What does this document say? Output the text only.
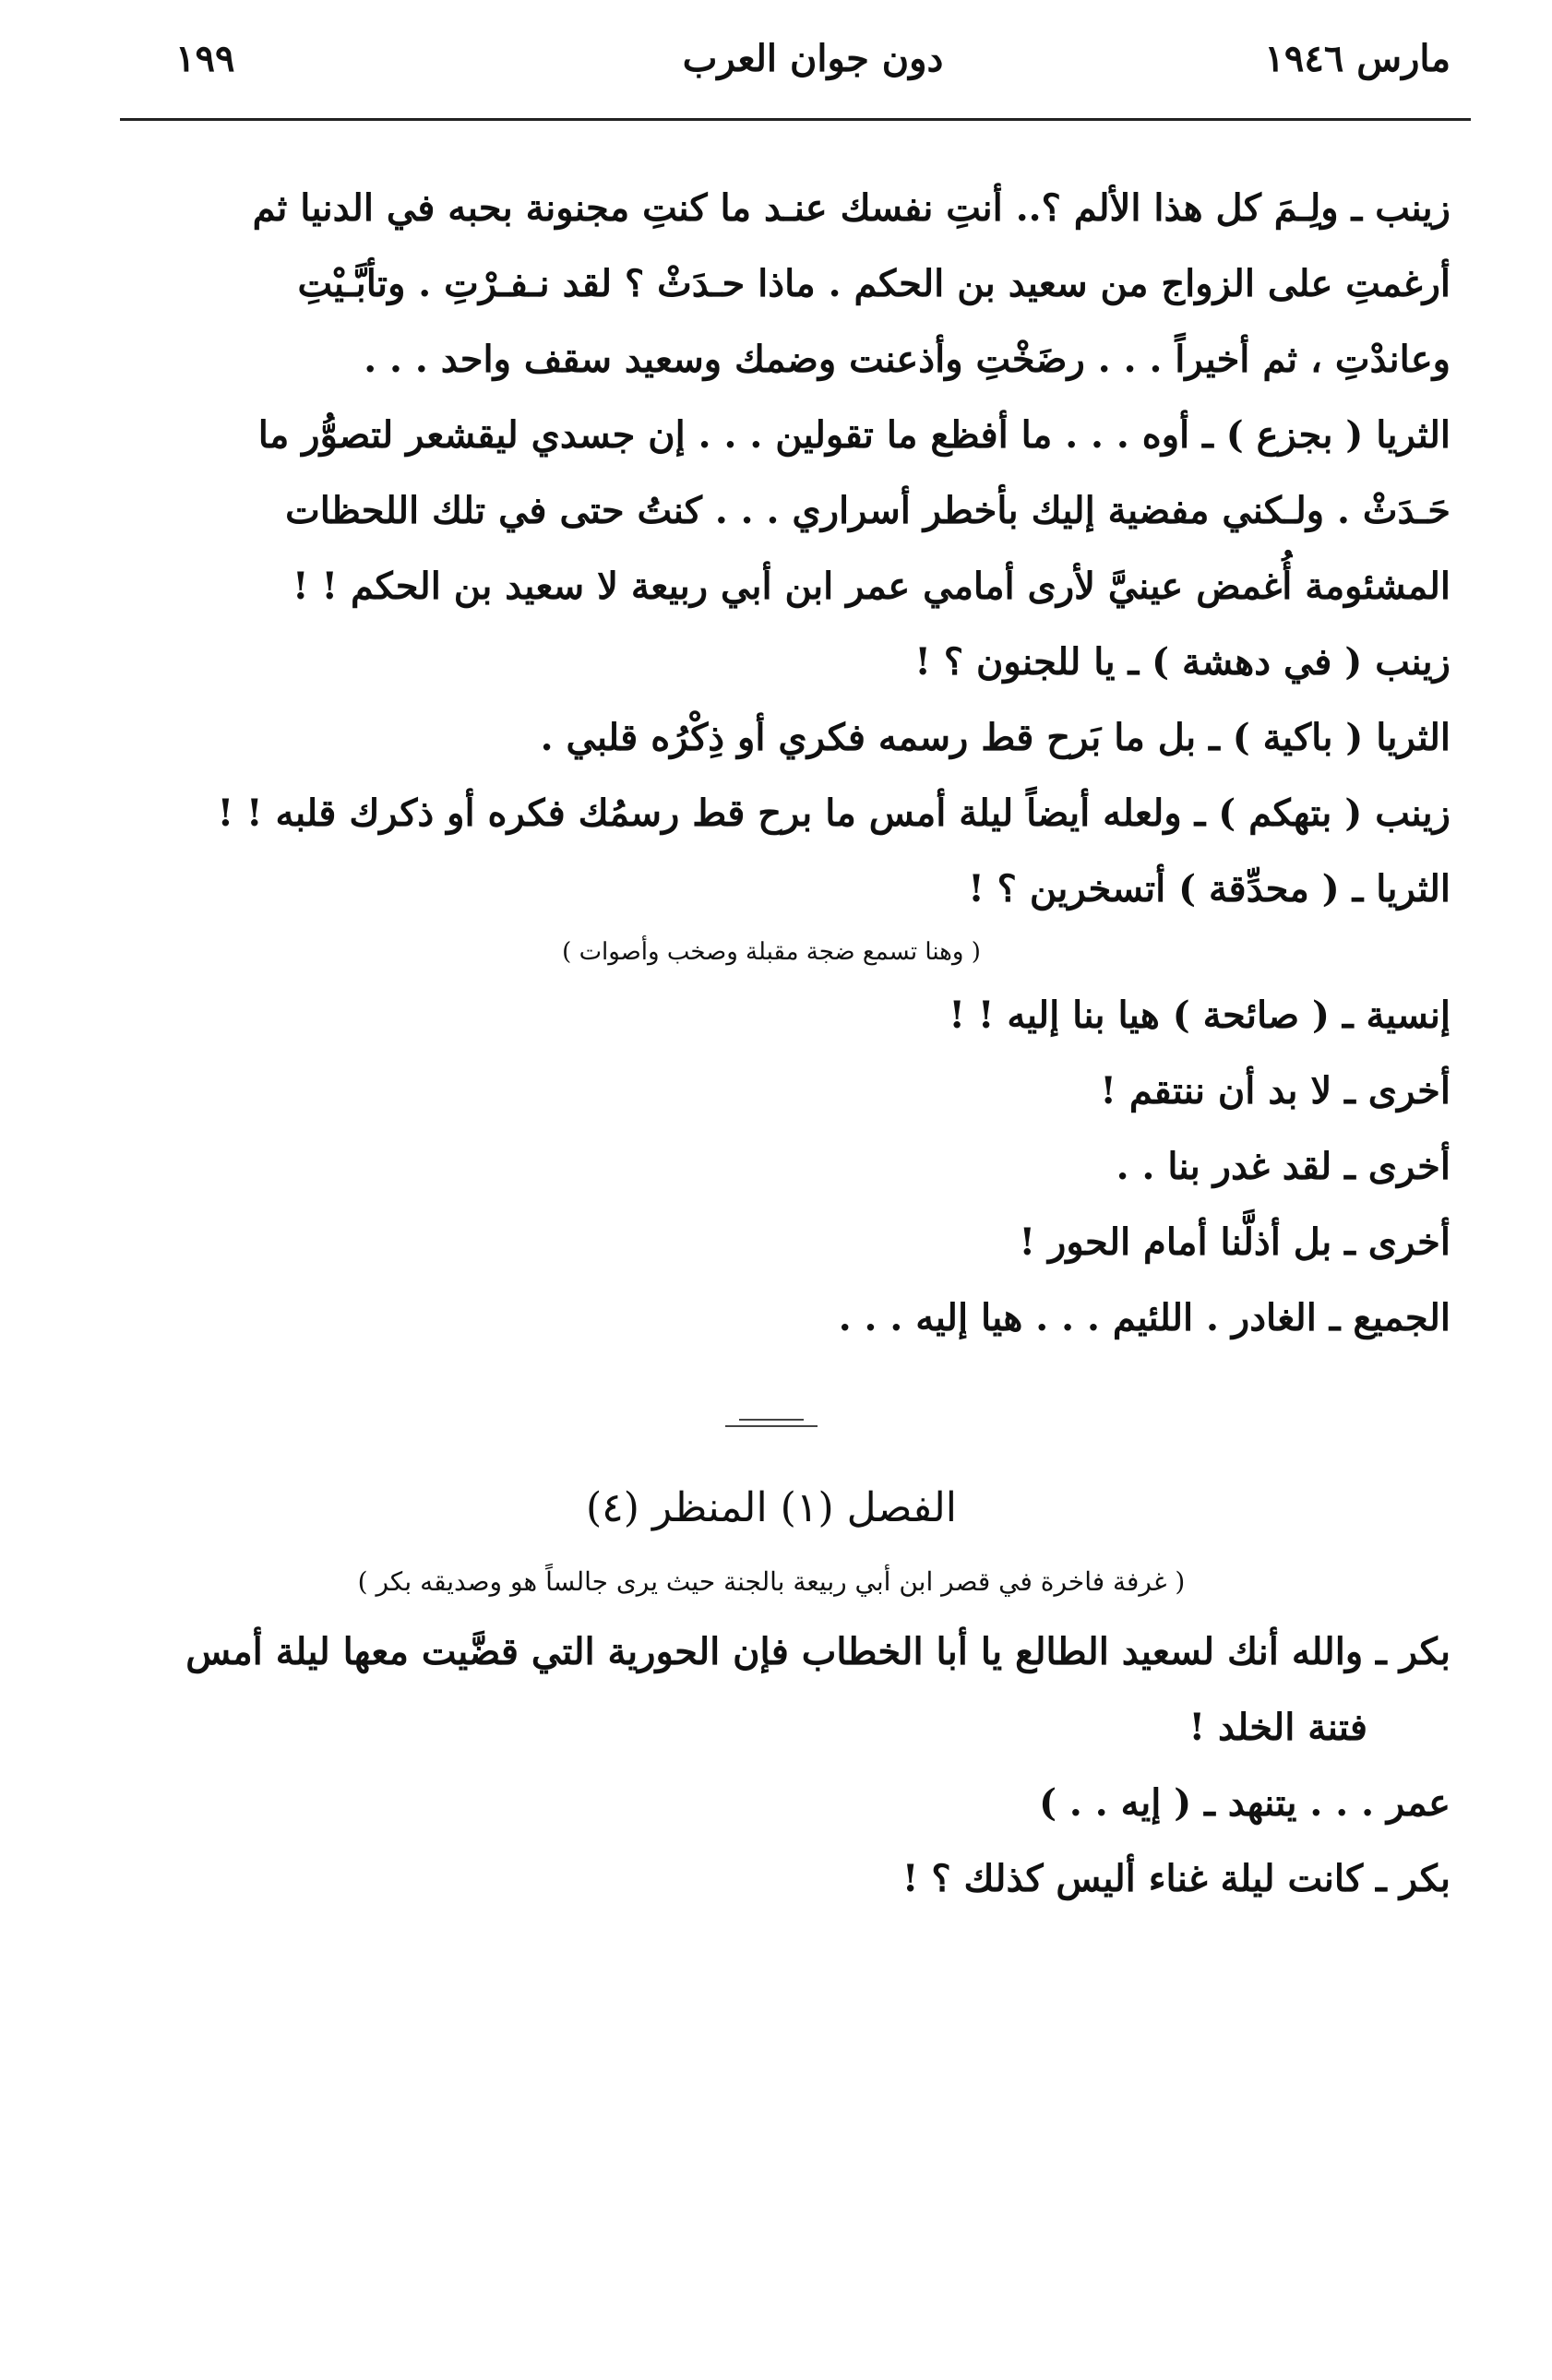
مارس ١٩٤٦
دون جوان العرب
١٩٩
زينب ـ ولِـمَ كل هذا الألم ؟.. أنتِ نفسك عنـد ما كنتِ مجنونة بحبه في الدنيا ثم
أرغمتِ على الزواج من سعيد بن الحكم . ماذا حـدَثْ ؟ لقد نـفـرْتِ . وتأبَّـيْتِ
وعاندْتِ ، ثم أخيراً . . . رضَخْتِ وأذعنت وضمك وسعيد سقف واحد . . .
الثريا ( بجزع ) ـ أوه . . . ما أفظع ما تقولين . . . إن جسدي ليقشعر لتصوُّر ما
حَـدَثْ . ولـكني مفضية إليك بأخطر أسراري . . . كنتُ حتى في تلك اللحظات
المشئومة أُغمض عينيَّ لأرى أمامي عمر ابن أبي ربيعة لا سعيد بن الحكم ! !
زينب ( في دهشة ) ـ يا للجنون ؟ !
الثريا ( باكية ) ـ بل ما بَرح قط رسمه فكري أو ذِكْرُه قلبي .
زينب ( بتهكم ) ـ ولعله أيضاً ليلة أمس ما برح قط رسمُك فكره أو ذكرك قلبه ! !
الثريا ـ ( محدِّقة ) أتسخرين ؟ !
( وهنا تسمع ضجة مقبلة وصخب وأصوات )
إنسية ـ ( صائحة ) هيا بنا إليه ! !
أخرى ـ لا بد أن ننتقم !
أخرى ـ لقد غدر بنا . .
أخرى ـ بل أذلَّنا أمام الحور !
الجميع ـ الغادر . اللئيم . . . هيا إليه . . .
الفصل (١) المنظر (٤)
( غرفة فاخرة في قصر ابن أبي ربيعة بالجنة حيث يرى جالساً هو وصديقه بكر )
بكر ـ والله أنك لسعيد الطالع يا أبا الخطاب فإن الحورية التي قضَّيت معها ليلة أمس
فتنة الخلد !
عمر . . . يتنهد ـ ( إيه . . )
بكر ـ كانت ليلة غناء أليس كذلك ؟ !
